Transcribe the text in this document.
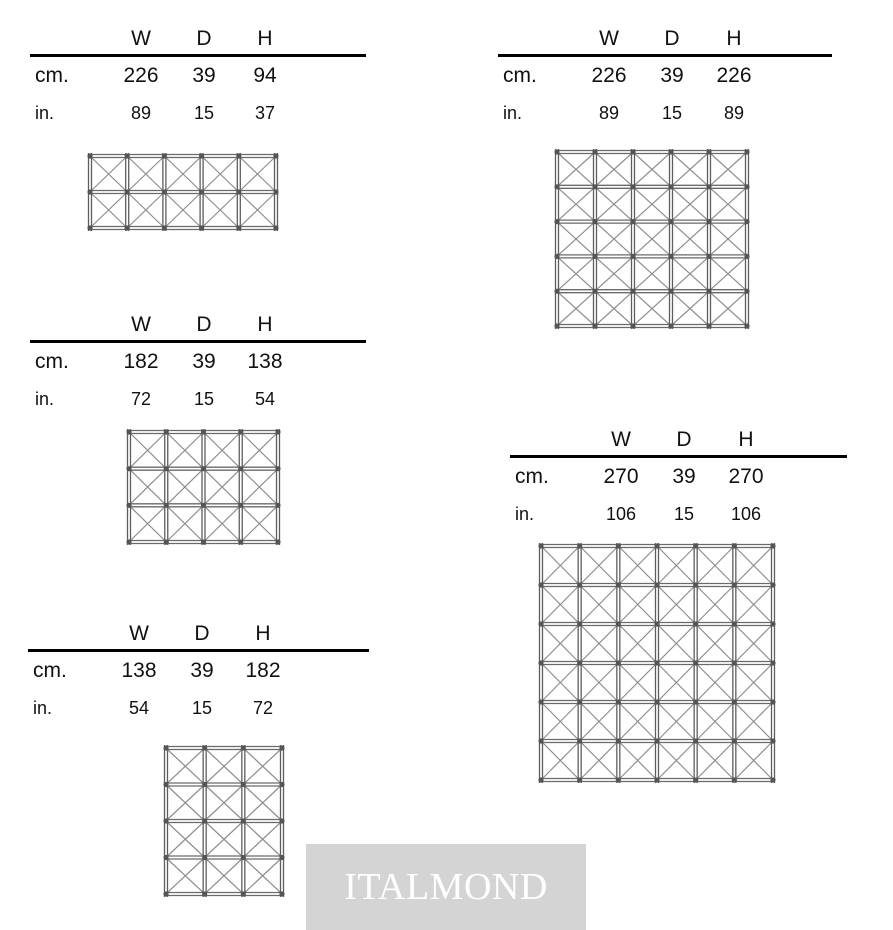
W	D	H
cm.	226	39	94
in.	89	15	37
W	D	H
cm.	182	39	138
in.	72	15	54
W	D	H
cm.	138	39	182
in.	54	15	72
W	D	H
cm.	226	39	226
in.	89	15	89
W	D	H
cm.	270	39	270
in.	106	15	106
ITALMOND
